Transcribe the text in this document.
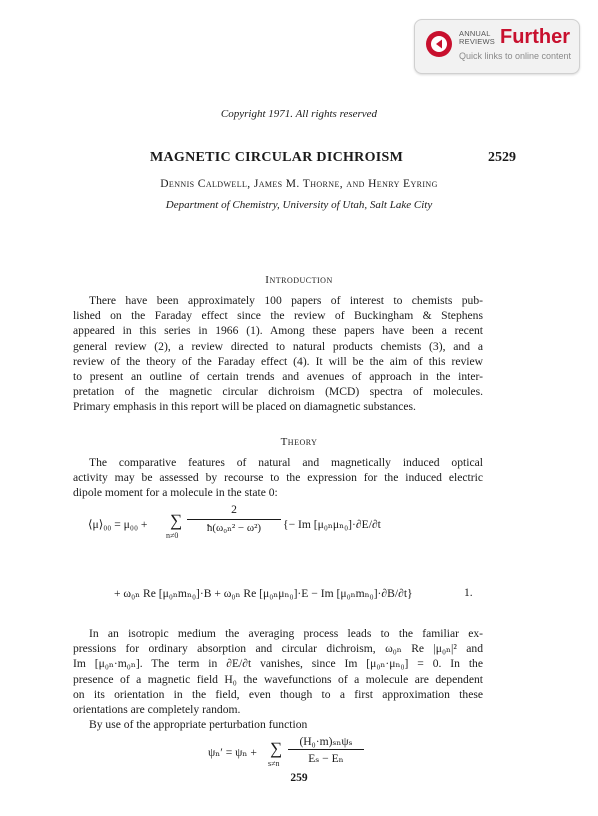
ANNUAL
REVIEWS Further
Quick links to online content
Copyright 1971. All rights reserved
MAGNETIC CIRCULAR DICHROISM	2529
Dennis Caldwell, James M. Thorne, and Henry Eyring
Department of Chemistry, University of Utah, Salt Lake City
Introduction
There have been approximately 100 papers of interest to chemists pub-
lished on the Faraday effect since the review of Buckingham & Stephens
appeared in this series in 1966 (1). Among these papers have been a recent
general review (2), a review directed to natural products chemists (3), and a
review of the theory of the Faraday effect (4). It will be the aim of this review
to present an outline of certain trends and avenues of approach in the inter-
pretation of the magnetic circular dichroism (MCD) spectra of molecules.
Primary emphasis in this report will be placed on diamagnetic substances.
Theory
The comparative features of natural and magnetically induced optical
activity may be assessed by recourse to the expression for the induced electric
dipole moment for a molecule in the state 0:
⟨μ⟩₀₀ = μ₀₀ + ∑
n≠0
2
ħ(ω₀ₙ² − ω²)	{− Im [μ₀ₙμₙ₀]·∂E/∂t
+ ω₀ₙ Re [μ₀ₙmₙ₀]·B + ω₀ₙ Re [μ₀ₙμₙ₀]·E − Im [μ₀ₙmₙ₀]·∂B/∂t}	1.
In an isotropic medium the averaging process leads to the familiar ex-
pressions for ordinary absorption and circular dichroism, ω₀ₙ Re |μ₀ₙ|² and
Im [μ₀ₙ·m₀ₙ]. The term in ∂E/∂t vanishes, since Im [μ₀ₙ·μₙ₀] = 0. In the
presence of a magnetic field H₀ the wavefunctions of a molecule are dependent
on its orientation in the field, even though to a first approximation these
orientations are completely random.
By use of the appropriate perturbation function
ψₙ′ = ψₙ + ∑
s≠n
(H₀·m)ₛₙψₛ
Eₛ − Eₙ
259
